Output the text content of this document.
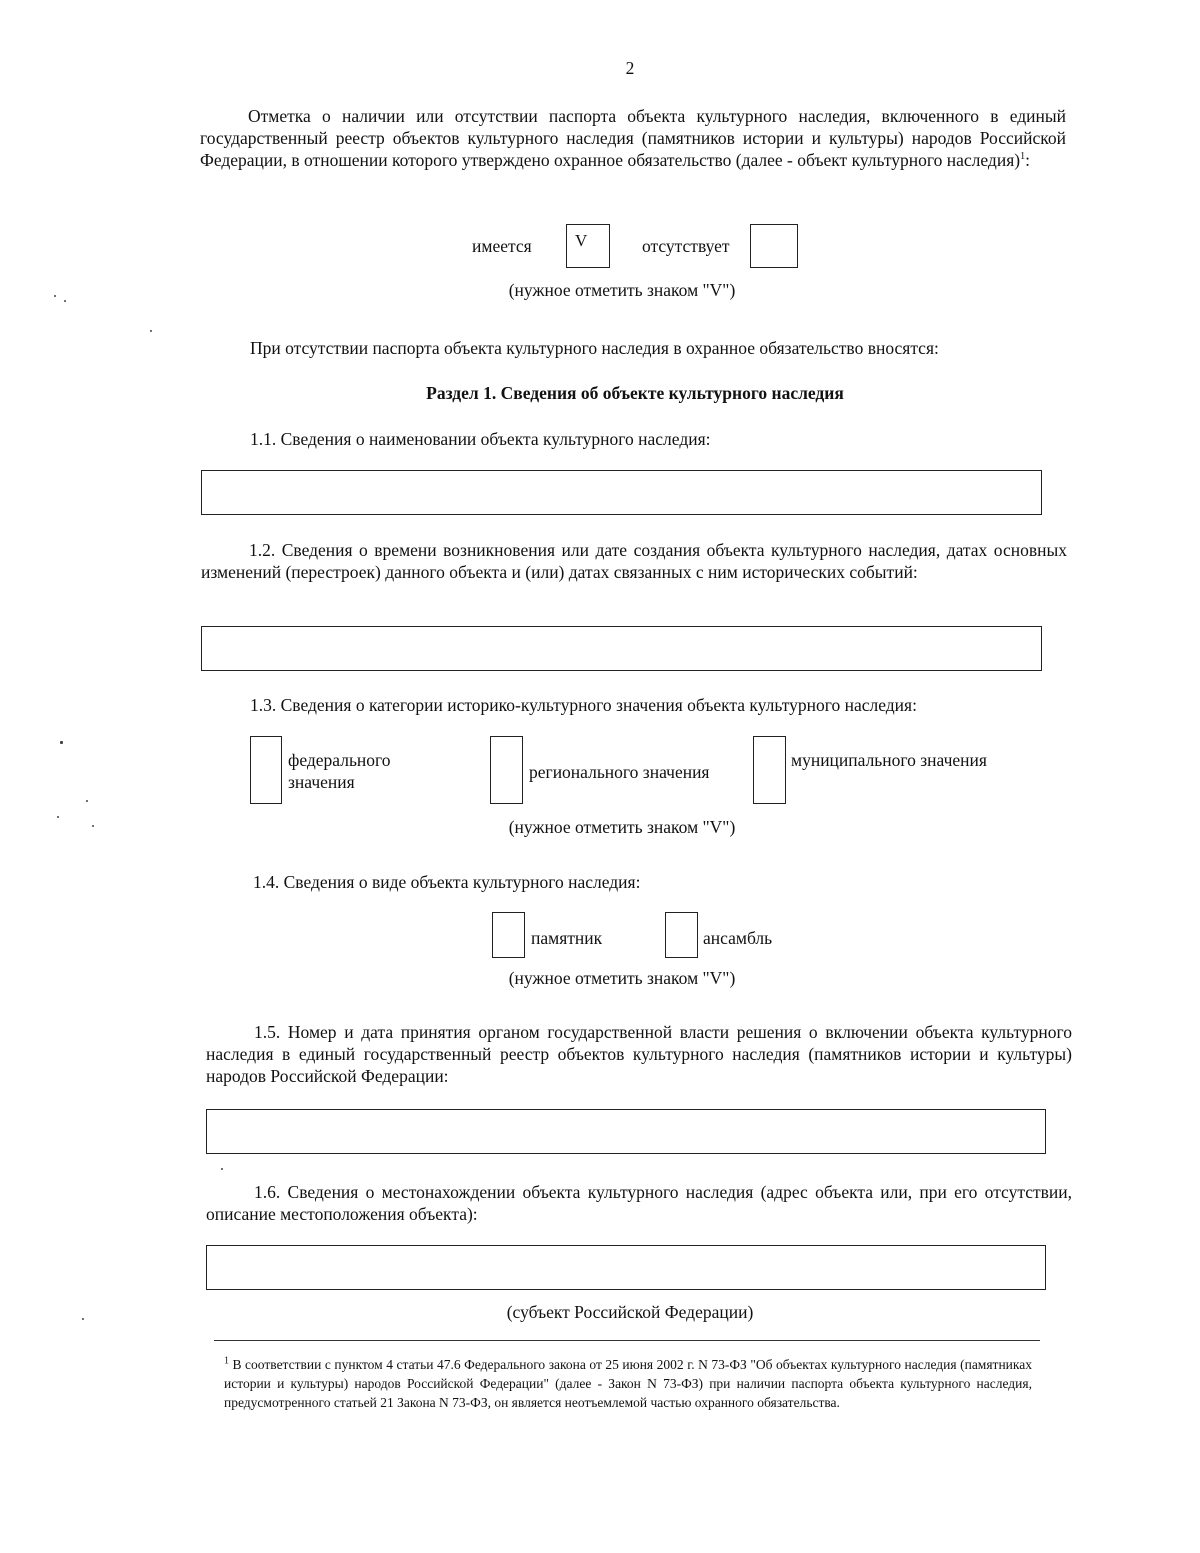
2
Отметка о наличии или отсутствии паспорта объекта культурного наследия, включенного в единый государственный реестр объектов культурного наследия (памятников истории и культуры) народов Российской Федерации, в отношении которого утверждено охранное обязательство (далее - объект культурного наследия)$^1$:
имеется	V	отсутствует
(нужное отметить знаком "V")
При отсутствии паспорта объекта культурного наследия в охранное обязательство вносятся:
Раздел 1. Сведения об объекте культурного наследия
1.1. Сведения о наименовании объекта культурного наследия:
1.2. Сведения о времени возникновения или дате создания объекта культурного наследия, датах основных изменений (перестроек) данного объекта и (или) датах связанных с ним исторических событий:
1.3. Сведения о категории историко-культурного значения объекта культурного наследия:
федерального значения	регионального значения
муниципального значения
(нужное отметить знаком "V")
1.4. Сведения о виде объекта культурного наследия:
памятник	ансамбль
(нужное отметить знаком "V")
1.5. Номер и дата принятия органом государственной власти решения о включении объекта культурного наследия в единый государственный реестр объектов культурного наследия (памятников истории и культуры) народов Российской Федерации:
1.6. Сведения о местонахождении объекта культурного наследия (адрес объекта или, при его отсутствии, описание местоположения объекта):
(субъект Российской Федерации)
$^1$ В соответствии с пунктом 4 статьи 47.6 Федерального закона от 25 июня 2002 г. N 73-ФЗ "Об объектах культурного наследия (памятниках истории и культуры) народов Российской Федерации" (далее - Закон N 73-ФЗ) при наличии паспорта объекта культурного наследия, предусмотренного статьей 21 Закона N 73-ФЗ, он является неотъемлемой частью охранного обязательства.
